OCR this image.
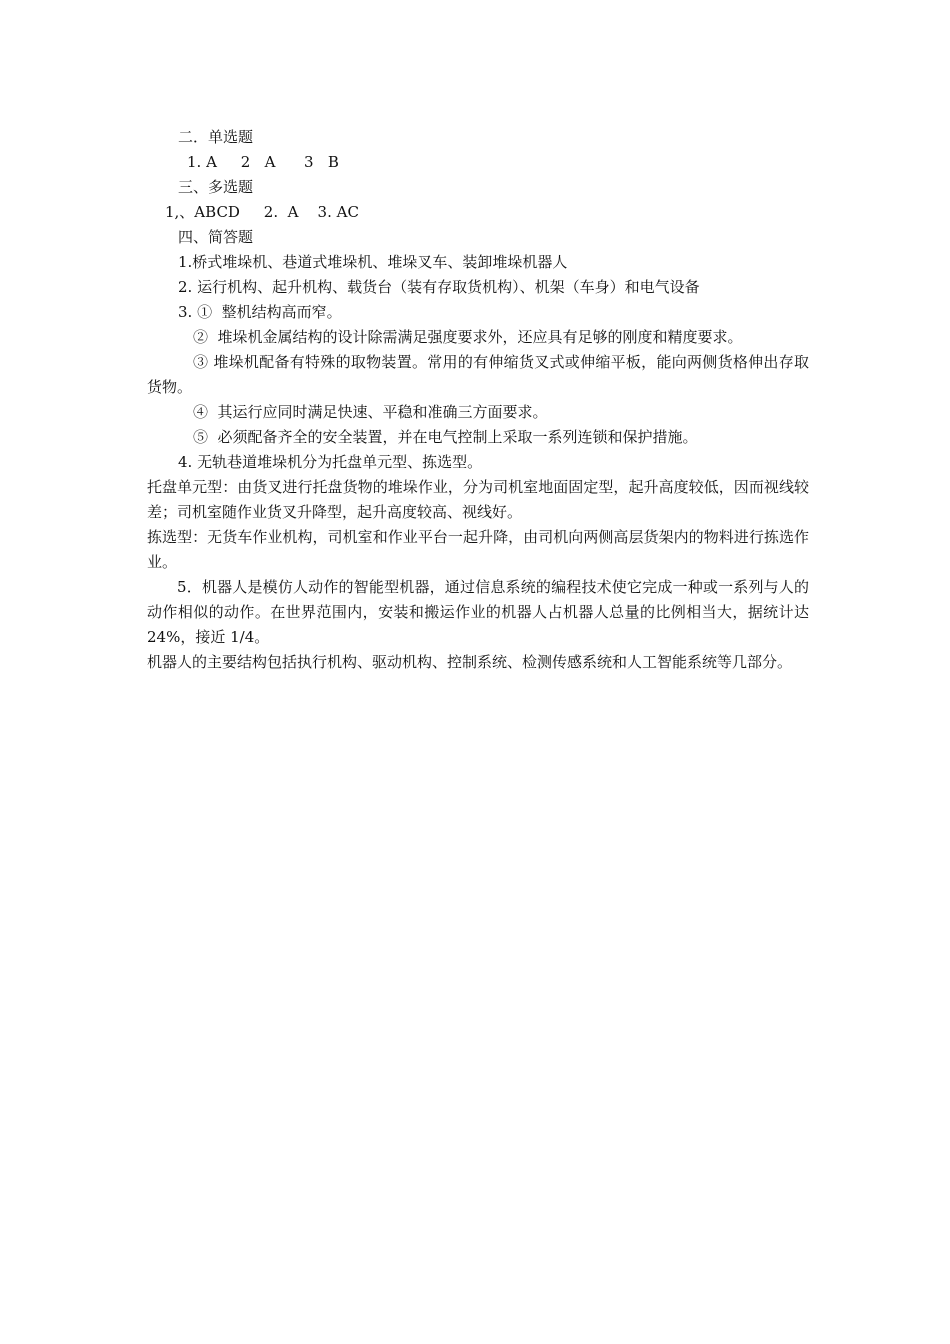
二．单选题

1. A     2   A      3   B

三、多选题

1,、ABCD     2.  A    3. AC

四、简答题

1.桥式堆垛机、巷道式堆垛机、堆垛叉车、装卸堆垛机器人

2. 运行机构、起升机构、载货台（装有存取货机构）、机架（车身）和电气设备

3. ①  整机结构高而窄。

②  堆垛机金属结构的设计除需满足强度要求外，还应具有足够的刚度和精度要求。

③ 堆垛机配备有特殊的取物装置。常用的有伸缩货叉式或伸缩平板，能向两侧货格伸出存取货物。

④  其运行应同时满足快速、平稳和准确三方面要求。

⑤  必须配备齐全的安全装置，并在电气控制上采取一系列连锁和保护措施。

4. 无轨巷道堆垛机分为托盘单元型、拣选型。

托盘单元型：由货叉进行托盘货物的堆垛作业，分为司机室地面固定型，起升高度较低，因而视线较差；司机室随作业货叉升降型，起升高度较高、视线好。

拣选型：无货车作业机构，司机室和作业平台一起升降，由司机向两侧高层货架内的物料进行拣选作业。

5．机器人是模仿人动作的智能型机器，通过信息系统的编程技术使它完成一种或一系列与人的动作相似的动作。在世界范围内，安装和搬运作业的机器人占机器人总量的比例相当大，据统计达 24%，接近 1/4。

机器人的主要结构包括执行机构、驱动机构、控制系统、检测传感系统和人工智能系统等几部分。
